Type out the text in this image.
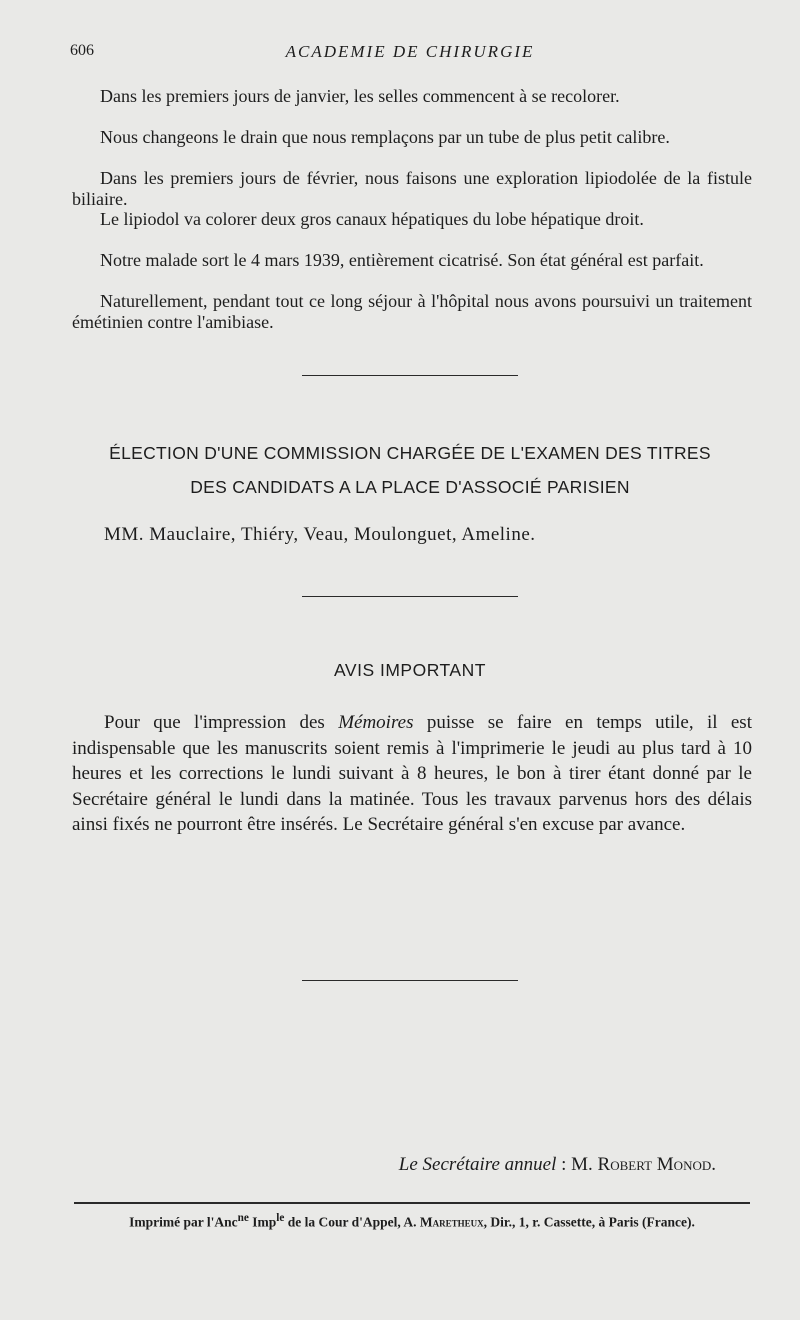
606	ACADEMIE DE CHIRURGIE

Dans les premiers jours de janvier, les selles commencent à se recolorer.

Nous changeons le drain que nous remplaçons par un tube de plus petit calibre.

Dans les premiers jours de février, nous faisons une exploration lipiodolée de la fistule biliaire.

Le lipiodol va colorer deux gros canaux hépatiques du lobe hépatique droit.

Notre malade sort le 4 mars 1939, entièrement cicatrisé. Son état général est parfait.

Naturellement, pendant tout ce long séjour à l'hôpital nous avons poursuivi un traitement émétinien contre l'amibiase.

ÉLECTION D'UNE COMMISSION CHARGÉE DE L'EXAMEN DES TITRES
DES CANDIDATS A LA PLACE D'ASSOCIÉ PARISIEN

MM. Mauclaire, Thiéry, Veau, Moulonguet, Ameline.

AVIS IMPORTANT

Pour que l'impression des Mémoires puisse se faire en temps utile, il est indispensable que les manuscrits soient remis à l'imprimerie le jeudi au plus tard à 10 heures et les corrections le lundi suivant à 8 heures, le bon à tirer étant donné par le Secrétaire général le lundi dans la matinée. Tous les travaux parvenus hors des délais ainsi fixés ne pourront être insérés. Le Secrétaire général s'en excuse par avance.

Le Secrétaire annuel : M. Robert Monod.
Imprimé par l'Anc$^{ne}$ Imp$^{le}$ de la Cour d'Appel, A. Maretheux, Dir., 1, r. Cassette, à Paris (France).
